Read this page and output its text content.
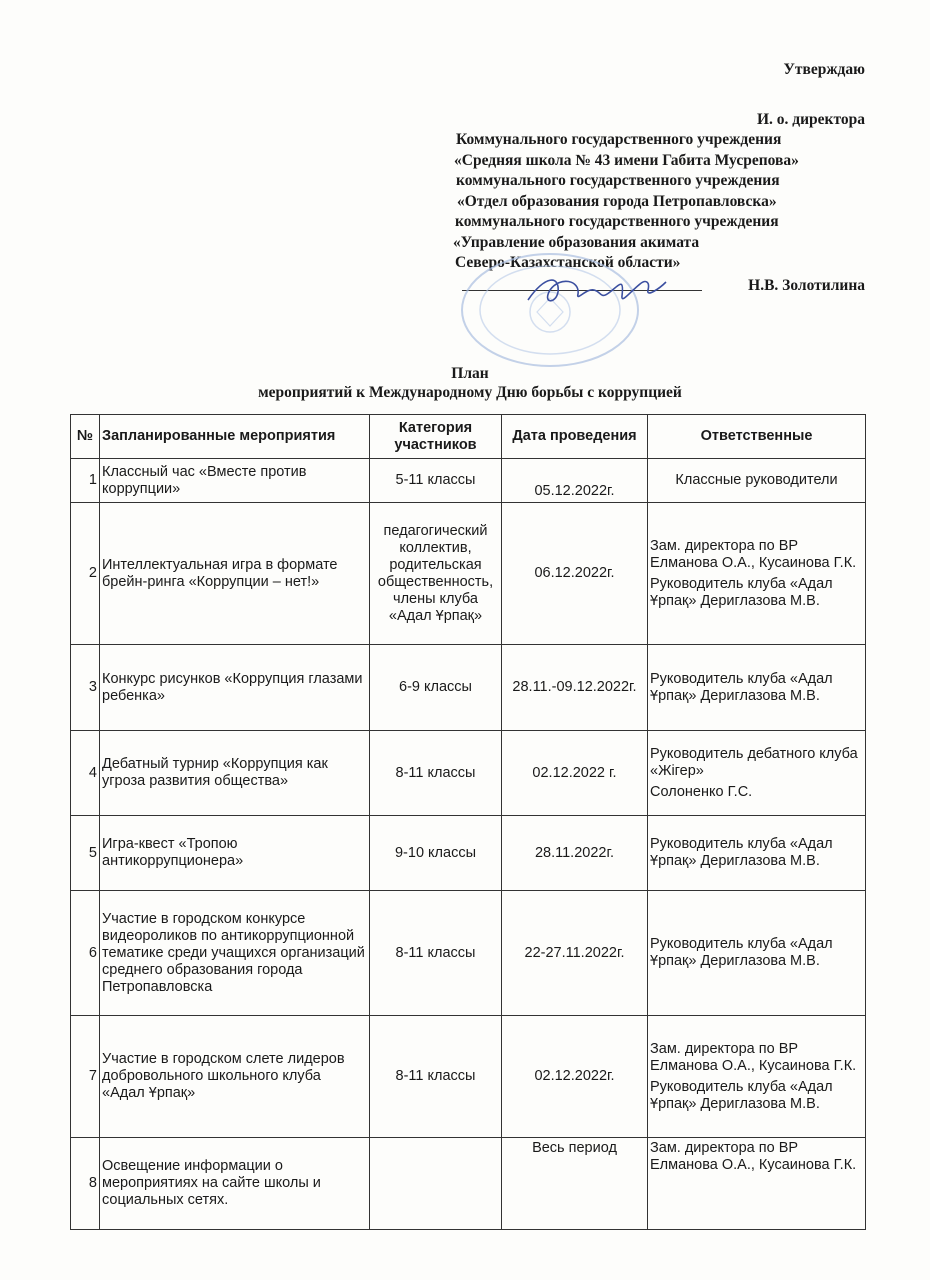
Утверждаю
И. о. директора
Коммунального государственного учреждения
«Средняя школа № 43 имени Габита Мусрепова»
коммунального государственного учреждения
«Отдел образования города Петропавловска»
коммунального государственного учреждения
«Управление образования акимата
Северо-Казахстанской области»
Н.В. Золотилина
План
мероприятий к Международному Дню борьбы с коррупцией
№	Запланированные мероприятия	Категория участников	Дата проведения	Ответственные
1	Классный час «Вместе против коррупции»	5-11 классы	05.12.2022г.	Классные руководители

2	Интеллектуальная игра в формате брейн-ринга «Коррупции – нет!»	педагогический коллектив, родительская общественность, члены клуба «Адал Ұрпақ»	06.12.2022г.	Зам. директора по ВР Елманова О.А., Кусаинова Г.К.
Руководитель клуба «Адал Ұрпақ» Дериглазова М.В.

3	Конкурс рисунков «Коррупция глазами ребенка»	6-9 классы	28.11.-09.12.2022г.	Руководитель клуба «Адал Ұрпақ» Дериглазова М.В.

4	Дебатный турнир «Коррупция как угроза развития общества»	8-11 классы	02.12.2022 г.	Руководитель дебатного клуба «Жігер»
Солоненко Г.С.

5	Игра-квест «Тропою антикоррупционера»	9-10 классы	28.11.2022г.	Руководитель клуба «Адал Ұрпақ» Дериглазова М.В.

6	Участие в городском конкурсе видеороликов по антикоррупционной тематике среди учащихся организаций среднего образования города Петропавловска	8-11 классы	22-27.11.2022г.	Руководитель клуба «Адал Ұрпақ» Дериглазова М.В.

7	Участие в городском слете лидеров добровольного школьного клуба «Адал Ұрпақ»	8-11 классы	02.12.2022г.	Зам. директора по ВР Елманова О.А., Кусаинова Г.К.
Руководитель клуба «Адал Ұрпақ» Дериглазова М.В.

8	Освещение информации о мероприятиях на сайте школы и социальных сетях.		Весь период	Зам. директора по ВР Елманова О.А., Кусаинова Г.К.
